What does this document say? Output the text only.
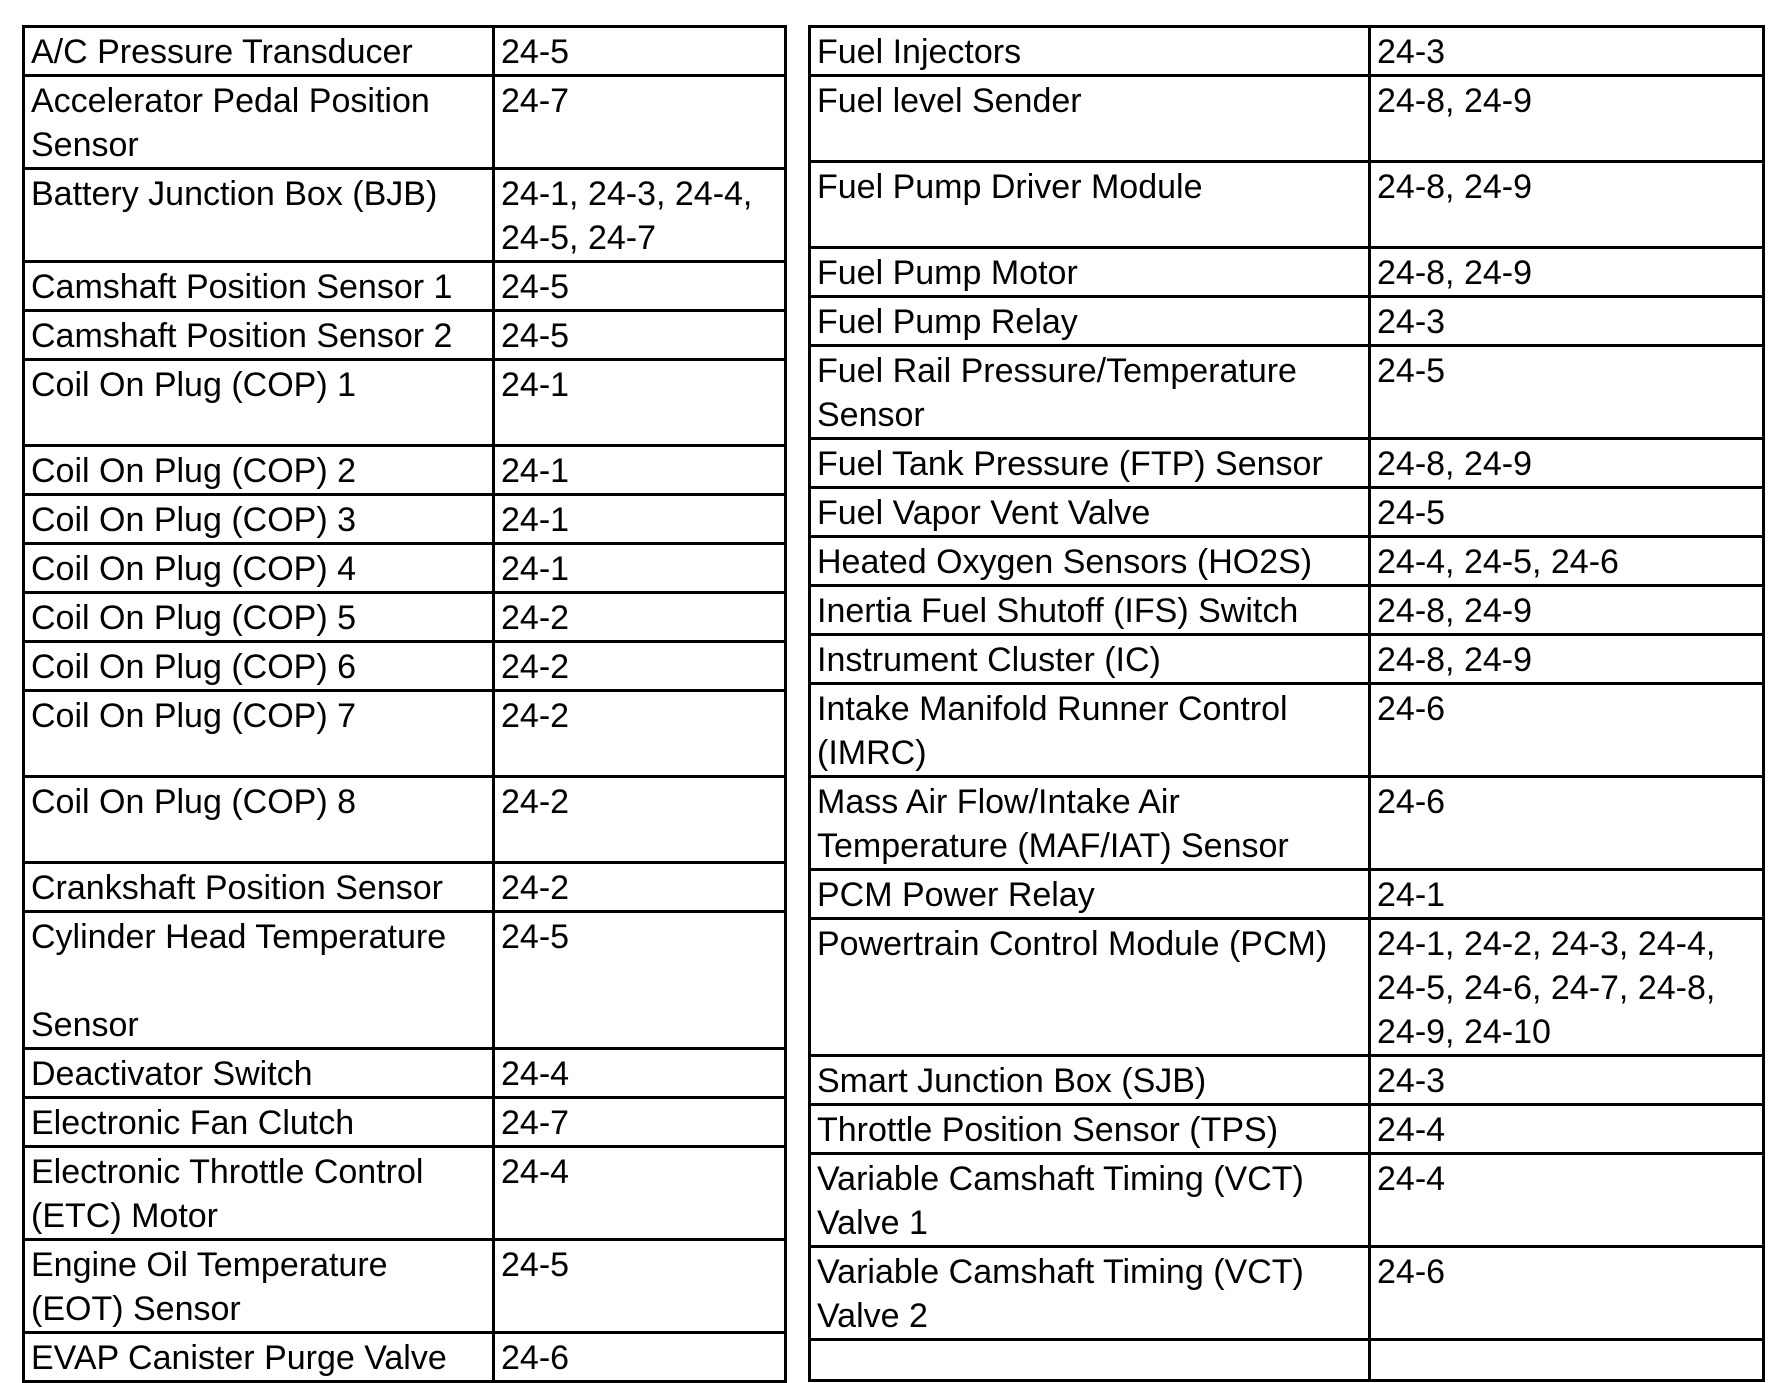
A/C Pressure Transducer	24-5
Accelerator Pedal Position
Sensor	24-7
Battery Junction Box (BJB)	24-1, 24-3, 24-4,
24-5, 24-7
Camshaft Position Sensor 1	24-5
Camshaft Position Sensor 2	24-5
Coil On Plug (COP) 1	24-1
Coil On Plug (COP) 2	24-1
Coil On Plug (COP) 3	24-1
Coil On Plug (COP) 4	24-1
Coil On Plug (COP) 5	24-2
Coil On Plug (COP) 6	24-2
Coil On Plug (COP) 7	24-2
Coil On Plug (COP) 8	24-2
Crankshaft Position Sensor	24-2
Cylinder Head Temperature

Sensor	24-5
Deactivator Switch	24-4
Electronic Fan Clutch	24-7
Electronic Throttle Control
(ETC) Motor	24-4
Engine Oil Temperature
(EOT) Sensor	24-5
EVAP Canister Purge Valve	24-6
Fuel Injectors	24-3
Fuel level Sender	24-8, 24-9
Fuel Pump Driver Module	24-8, 24-9
Fuel Pump Motor	24-8, 24-9
Fuel Pump Relay	24-3
Fuel Rail Pressure/Temperature
Sensor	24-5
Fuel Tank Pressure (FTP) Sensor	24-8, 24-9
Fuel Vapor Vent Valve	24-5
Heated Oxygen Sensors (HO2S)	24-4, 24-5, 24-6
Inertia Fuel Shutoff (IFS) Switch	24-8, 24-9
Instrument Cluster (IC)	24-8, 24-9
Intake Manifold Runner Control
(IMRC)	24-6
Mass Air Flow/Intake Air
Temperature (MAF/IAT) Sensor	24-6
PCM Power Relay	24-1
Powertrain Control Module (PCM)	24-1, 24-2, 24-3, 24-4,
24-5, 24-6, 24-7, 24-8,
24-9, 24-10
Smart Junction Box (SJB)	24-3
Throttle Position Sensor (TPS)	24-4
Variable Camshaft Timing (VCT)
Valve 1	24-4
Variable Camshaft Timing (VCT)
Valve 2	24-6
